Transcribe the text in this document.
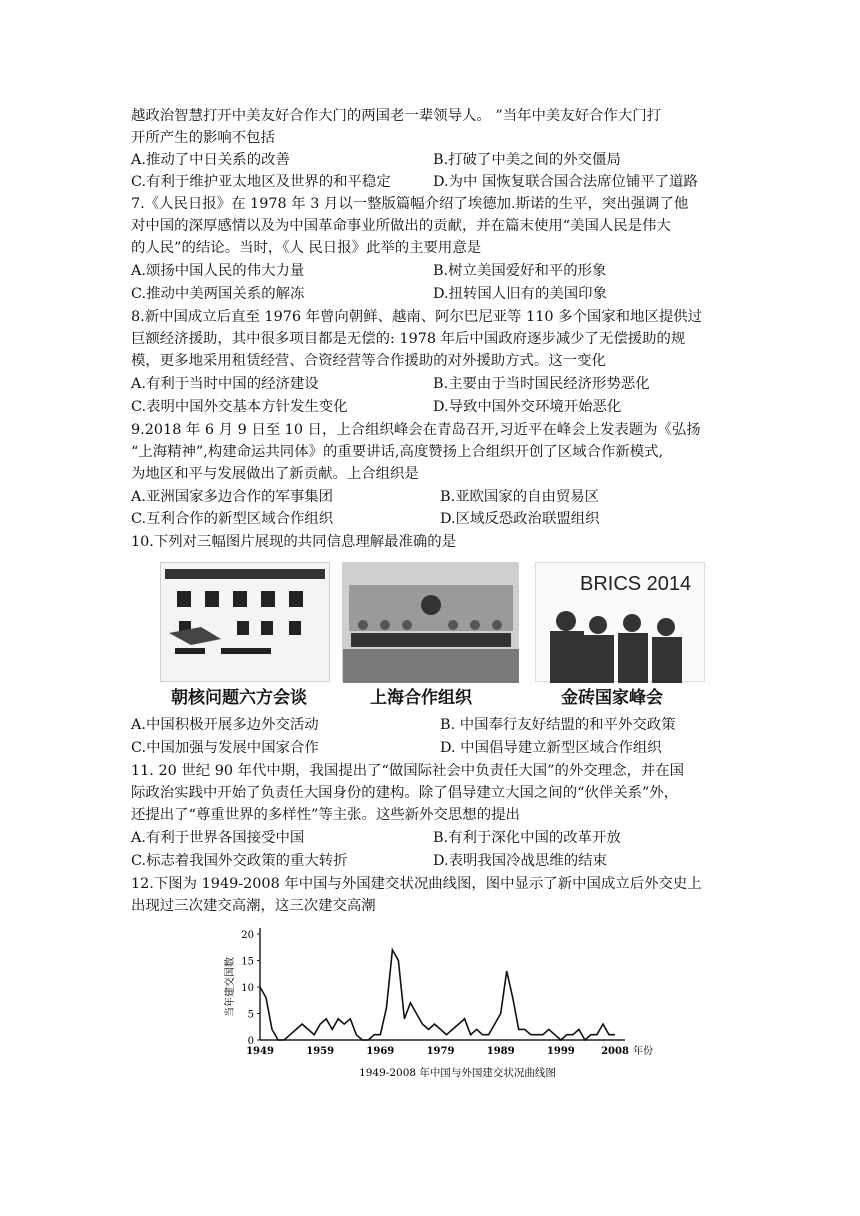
越政治智慧打开中美友好合作大门的两国老一辈领导人。 ”当年中美友好合作大门打
开所产生的影响不包括
A.推动了中日关系的改善	B.打破了中美之间的外交僵局
C.有利于维护亚太地区及世界的和平稳定	D.为中 国恢复联合国合法席位铺平了道路
7.《人民日报》在 1978 年 3 月以一整版篇幅介绍了埃德加.斯诺的生平，突出强调了他
对中国的深厚感情以及为中国革命事业所做出的贡献，并在篇末使用“美国人民是伟大
的人民”的结论。当时，《人 民日报》此举的主要用意是
A.颂扬中国人民的伟大力量	B.树立美国爱好和平的形象
C.推动中美两国关系的解冻	D.扭转国人旧有的美国印象
8.新中国成立后直至 1976 年曾向朝鲜、越南、阿尔巴尼亚等 110 多个国家和地区提供过
巨额经济援助，其中很多项目都是无偿的: 1978 年后中国政府逐步减少了无偿援助的规
模，更多地采用租赁经营、合资经营等合作援助的对外援助方式。这一变化
A.有利于当时中国的经济建设	B.主要由于当时国民经济形势恶化
C.表明中国外交基本方针发生变化	D.导致中国外交环境开始恶化
9.2018 年 6 月 9 日至 10 日，上合组织峰会在青岛召开,习近平在峰会上发表题为《弘扬
“上海精神”,构建命运共同体》的重要讲话,高度赞扬上合组织开创了区域合作新模式,
为地区和平与发展做出了新贡献。上合组织是
A.亚洲国家多边合作的军事集团	B.亚欧国家的自由贸易区
C.互利合作的新型区域合作组织	D.区域反恐政治联盟组织
10.下列对三幅图片展现的共同信息理解最准确的是
朝核问题六方会谈	上海合作组织
BRICS 2014
金砖国家峰会
A.中国积极开展多边外交活动	B. 中国奉行友好结盟的和平外交政策
C.中国加强与发展中国家合作	D. 中国倡导建立新型区域合作组织
11. 20 世纪 90 年代中期，我国提出了“做国际社会中负责任大国”的外交理念，并在国
际政治实践中开始了负责任大国身份的建构。除了倡导建立大国之间的“伙伴关系”外，
还提出了“尊重世界的多样性”等主张。这些新外交思想的提出
A.有利于世界各国接受中国	B.有利于深化中国的改革开放
C.标志着我国外交政策的重大转折	D.表明我国冷战思维的结束
12.下图为 1949-2008 年中国与外国建交状况曲线图，图中显示了新中国成立后外交史上
出现过三次建交高潮，这三次建交高潮
0
5
10
15
20
1949	1959	1969	1979	1989	1999	2008 年份
当年建交国数
1949-2008 年中国与外国建交状况曲线图
